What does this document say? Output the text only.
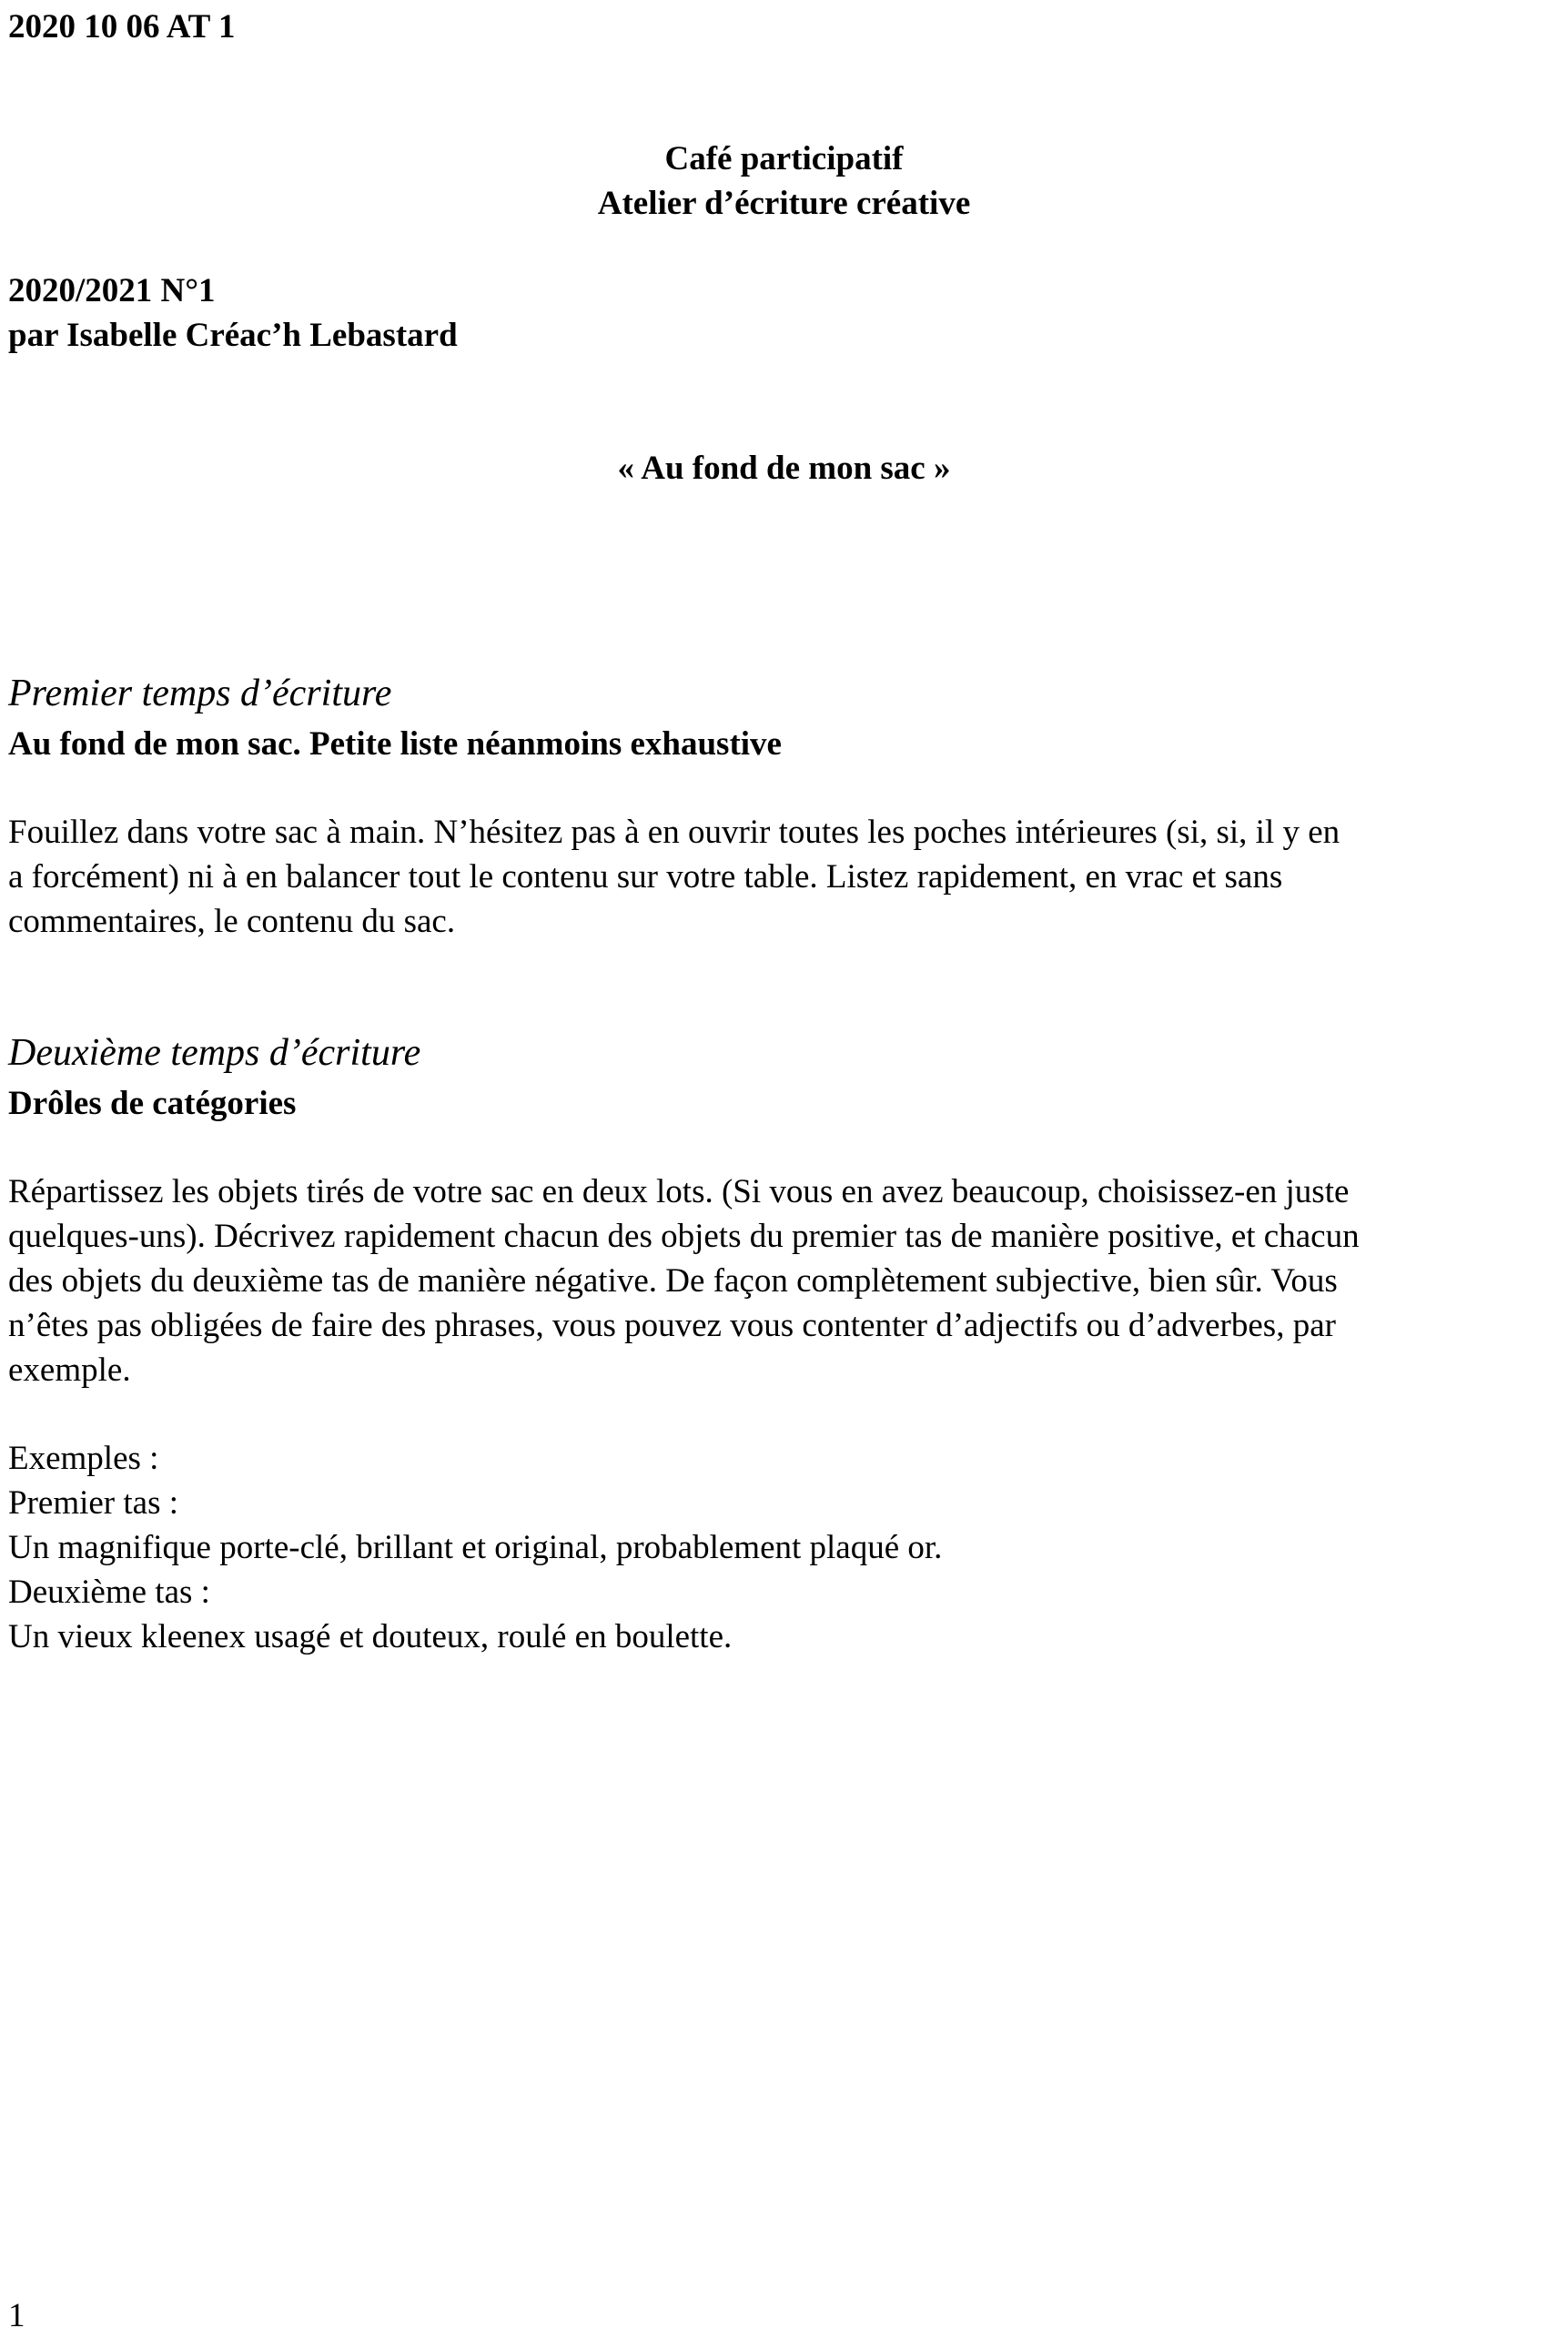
2020 10 06 AT 1
Café participatif
Atelier d’écriture créative
2020/2021 N°1
par Isabelle Créac’h Lebastard
« Au fond de mon sac »
Premier temps d’écriture
Au fond de mon sac. Petite liste néanmoins exhaustive
Fouillez dans votre sac à main. N’hésitez pas à en ouvrir toutes les poches intérieures (si, si, il y en
a forcément) ni à en balancer tout le contenu sur votre table. Listez rapidement, en vrac et sans
commentaires, le contenu du sac.
Deuxième temps d’écriture
Drôles de catégories
Répartissez les objets tirés de votre sac en deux lots. (Si vous en avez beaucoup, choisissez-en juste
quelques-uns). Décrivez rapidement chacun des objets du premier tas de manière positive, et chacun
des objets du deuxième tas de manière négative. De façon complètement subjective, bien sûr. Vous
n’êtes pas obligées de faire des phrases, vous pouvez vous contenter d’adjectifs ou d’adverbes, par
exemple.
Exemples :
Premier tas :
Un magnifique porte-clé, brillant et original, probablement plaqué or.
Deuxième tas :
Un vieux kleenex usagé et douteux, roulé en boulette.
1
